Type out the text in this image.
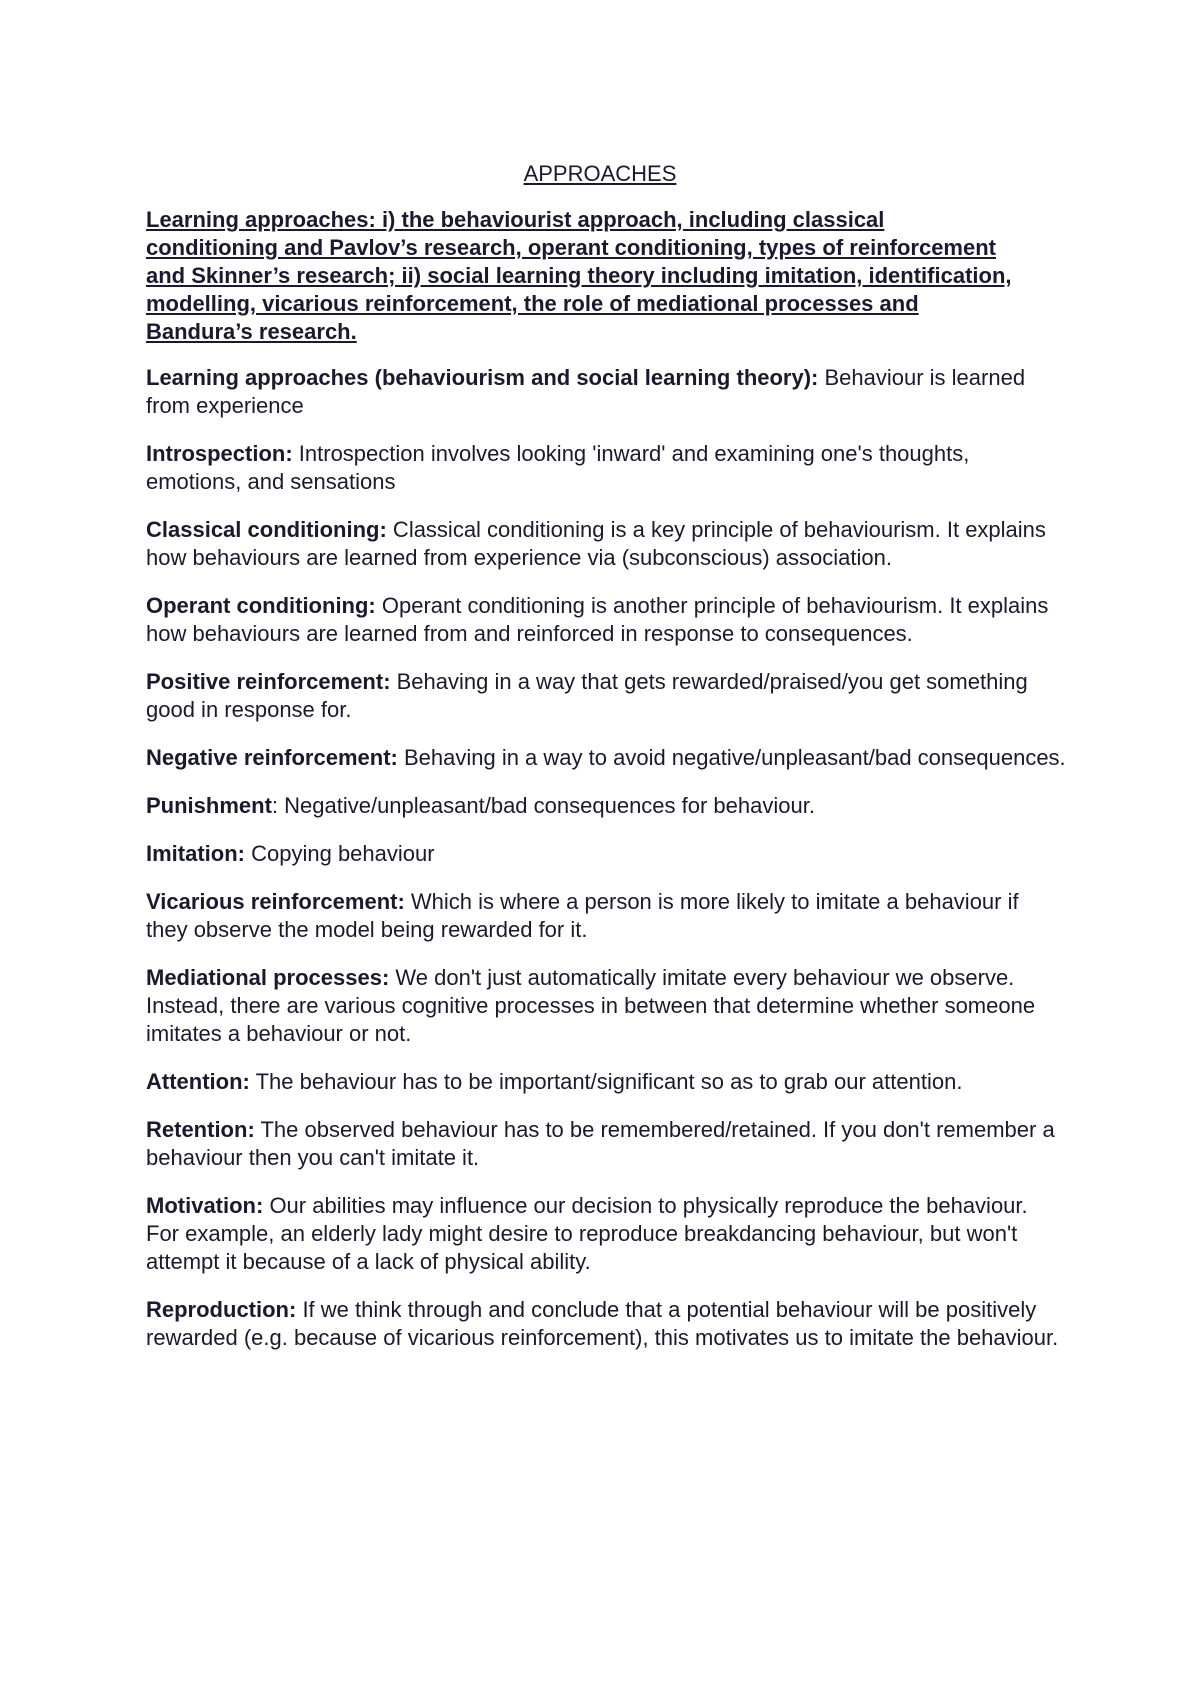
APPROACHES
Learning approaches: i) the behaviourist approach, including classical conditioning and Pavlov’s research, operant conditioning, types of reinforcement and Skinner’s research; ii) social learning theory including imitation, identification, modelling, vicarious reinforcement, the role of mediational processes and Bandura’s research.
Learning approaches (behaviourism and social learning theory): Behaviour is learned from experience
Introspection: Introspection involves looking 'inward' and examining one's thoughts, emotions, and sensations
Classical conditioning: Classical conditioning is a key principle of behaviourism. It explains how behaviours are learned from experience via (subconscious) association.
Operant conditioning: Operant conditioning is another principle of behaviourism. It explains how behaviours are learned from and reinforced in response to consequences.
Positive reinforcement: Behaving in a way that gets rewarded/praised/you get something good in response for.
Negative reinforcement: Behaving in a way to avoid negative/unpleasant/bad consequences.
Punishment: Negative/unpleasant/bad consequences for behaviour.
Imitation: Copying behaviour
Vicarious reinforcement: Which is where a person is more likely to imitate a behaviour if they observe the model being rewarded for it.
Mediational processes: We don't just automatically imitate every behaviour we observe. Instead, there are various cognitive processes in between that determine whether someone imitates a behaviour or not.
Attention: The behaviour has to be important/significant so as to grab our attention.
Retention: The observed behaviour has to be remembered/retained. If you don't remember a behaviour then you can't imitate it.
Motivation: Our abilities may influence our decision to physically reproduce the behaviour. For example, an elderly lady might desire to reproduce breakdancing behaviour, but won't attempt it because of a lack of physical ability.
Reproduction: If we think through and conclude that a potential behaviour will be positively rewarded (e.g. because of vicarious reinforcement), this motivates us to imitate the behaviour.
